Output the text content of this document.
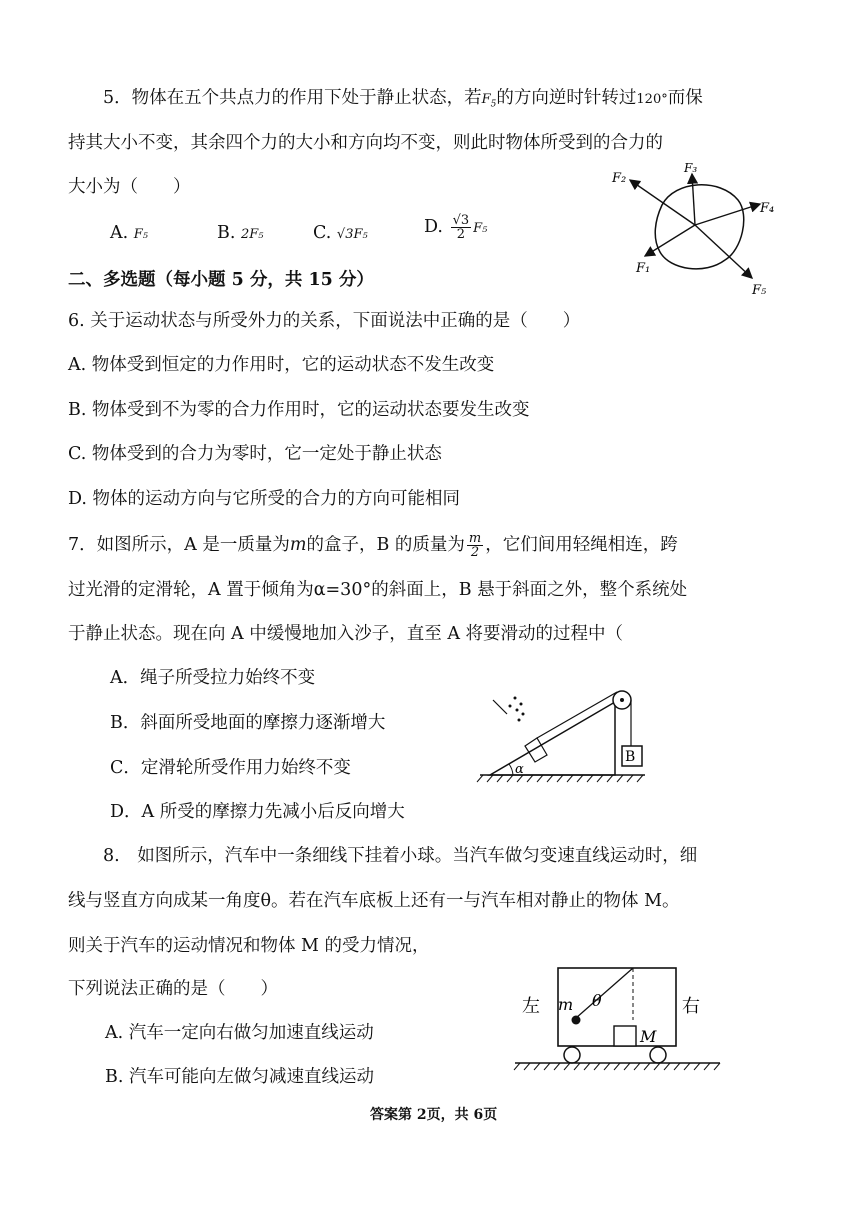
5．物体在五个共点力的作用下处于静止状态，若$F_5$的方向逆时针转过120°而保
持其大小不变，其余四个力的大小和方向均不变，则此时物体所受到的合力的
大小为（　　）
A. F₅	B. 2F₅	C. √3F₅	D. $\frac{√3}{2} F_5$
F₂
F₃
F₄
F₁
F₅
二、多选题（每小题 5 分，共 15 分）
6. 关于运动状态与所受外力的关系，下面说法中正确的是（　　）
A. 物体受到恒定的力作用时，它的运动状态不发生改变
B. 物体受到不为零的合力作用时，它的运动状态要发生改变
C. 物体受到的合力为零时，它一定处于静止状态
D. 物体的运动方向与它所受的合力的方向可能相同
7．如图所示，A 是一质量为m的盒子，B 的质量为 $\frac{m}{2}$ ，它们间用轻绳相连，跨
过光滑的定滑轮，A 置于倾角为α=30°的斜面上，B 悬于斜面之外，整个系统处
于静止状态。现在向 A 中缓慢地加入沙子，直至 A 将要滑动的过程中（
A．绳子所受拉力始终不变
B．斜面所受地面的摩擦力逐渐增大
C．定滑轮所受作用力始终不变
D．A 所受的摩擦力先减小后反向增大
B
α
8.　如图所示，汽车中一条细线下挂着小球。当汽车做匀变速直线运动时，细
线与竖直方向成某一角度θ。若在汽车底板上还有一与汽车相对静止的物体 M。
则关于汽车的运动情况和物体 M 的受力情况，
下列说法正确的是（　　）
A. 汽车一定向右做匀加速直线运动
B. 汽车可能向左做匀减速直线运动
左	右
m θ
M
答案第 2页，共 6页
